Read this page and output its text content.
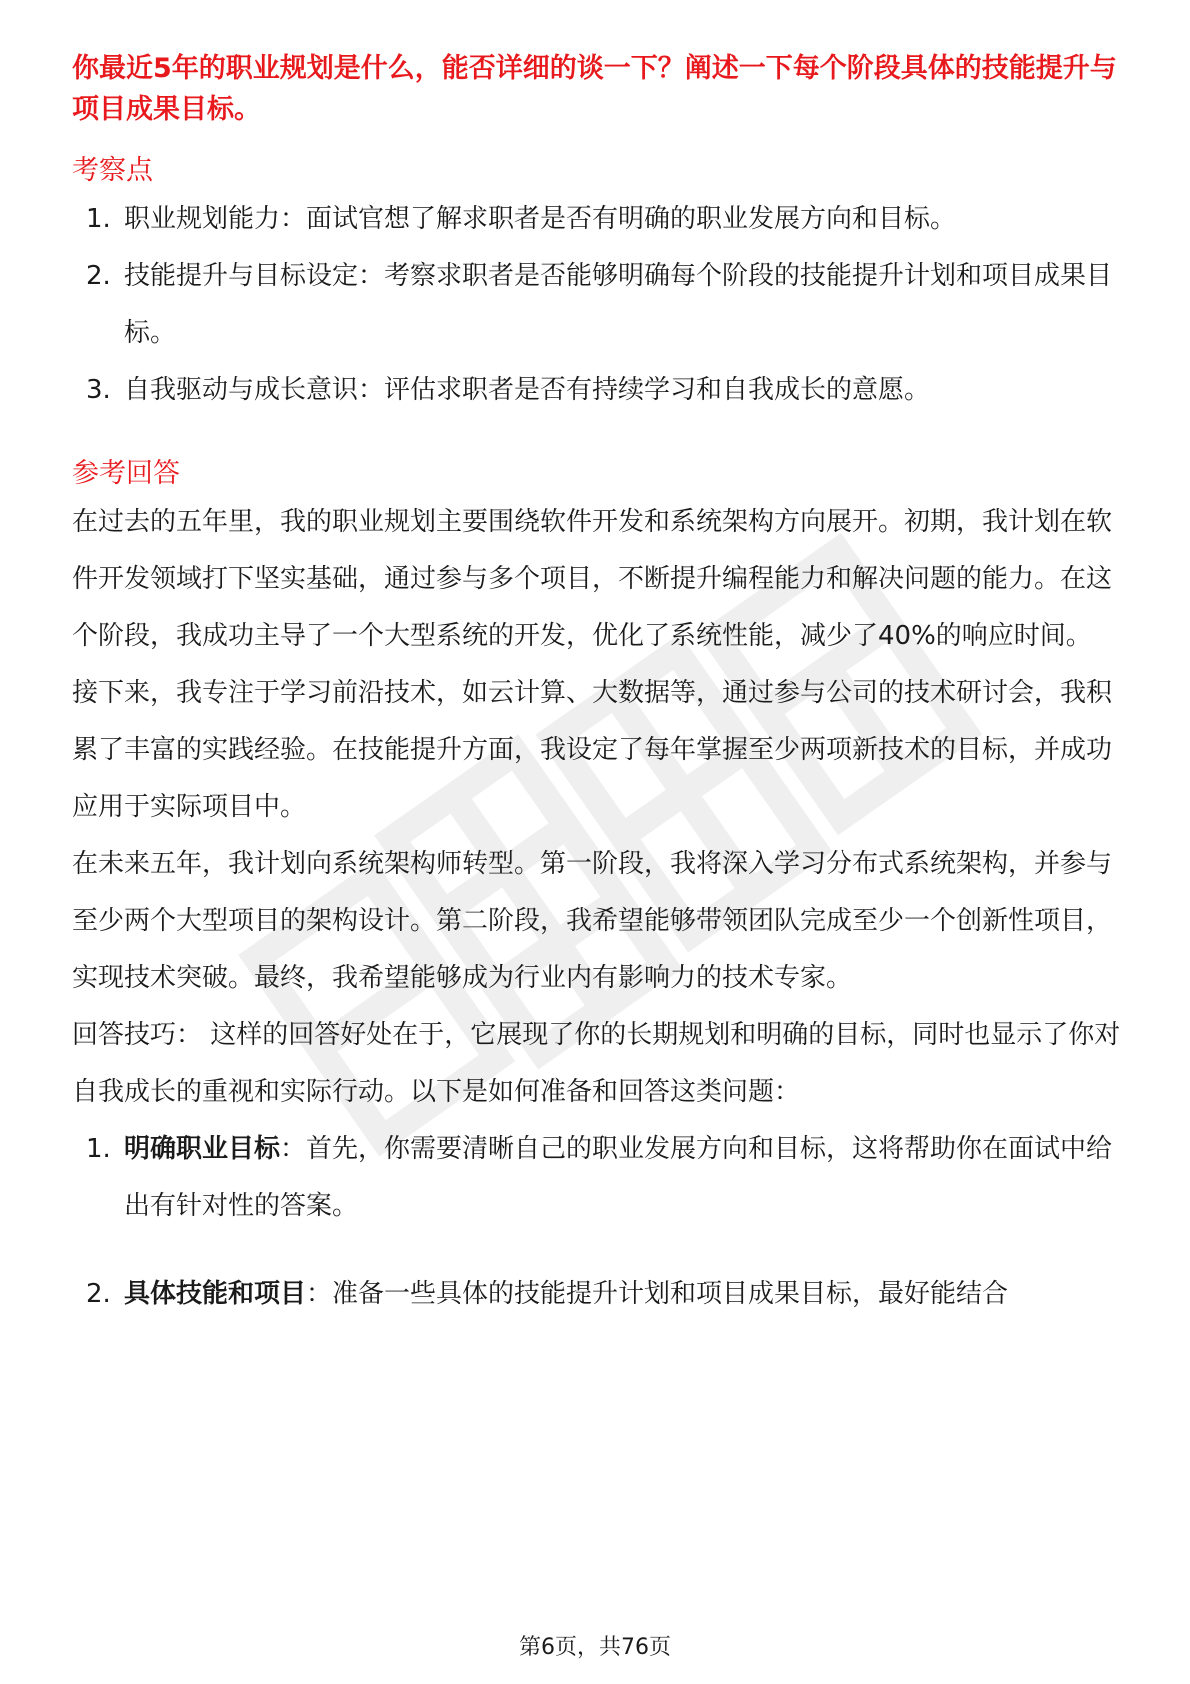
你最近5年的职业规划是什么，能否详细的谈一下？阐述一下每个阶段具体的技能提升与项目成果目标。

考察点

1. 职业规划能力：面试官想了解求职者是否有明确的职业发展方向和目标。
2. 技能提升与目标设定：考察求职者是否能够明确每个阶段的技能提升计划和项目成果目标。
3. 自我驱动与成长意识：评估求职者是否有持续学习和自我成长的意愿。

参考回答

在过去的五年里，我的职业规划主要围绕软件开发和系统架构方向展开。初期，我计划在软件开发领域打下坚实基础，通过参与多个项目，不断提升编程能力和解决问题的能力。在这个阶段，我成功主导了一个大型系统的开发，优化了系统性能，减少了40%的响应时间。

接下来，我专注于学习前沿技术，如云计算、大数据等，通过参与公司的技术研讨会，我积累了丰富的实践经验。在技能提升方面，我设定了每年掌握至少两项新技术的目标，并成功应用于实际项目中。

在未来五年，我计划向系统架构师转型。第一阶段，我将深入学习分布式系统架构，并参与至少两个大型项目的架构设计。第二阶段，我希望能够带领团队完成至少一个创新性项目，实现技术突破。最终，我希望能够成为行业内有影响力的技术专家。

回答技巧： 这样的回答好处在于，它展现了你的长期规划和明确的目标，同时也显示了你对自我成长的重视和实际行动。以下是如何准备和回答这类问题：

1. 明确职业目标：首先，你需要清晰自己的职业发展方向和目标，这将帮助你在面试中给出有针对性的答案。
2. 具体技能和项目：准备一些具体的技能提升计划和项目成果目标，最好能结合
第6页，共76页
